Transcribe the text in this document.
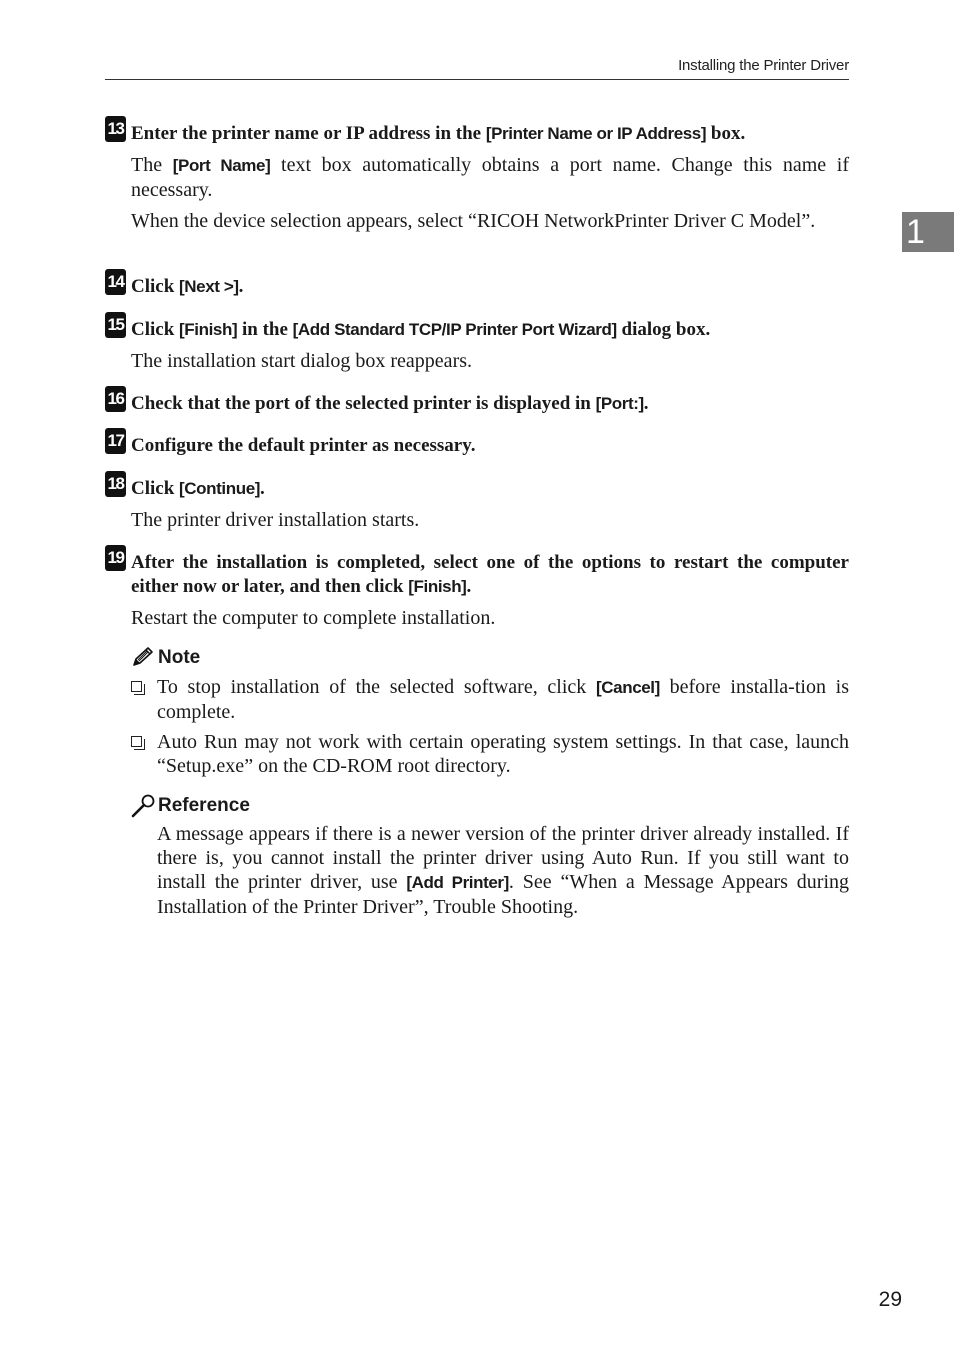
Installing the Printer Driver
1
13 Enter the printer name or IP address in the [Printer Name or IP Address] box.

The [Port Name] text box automatically obtains a port name. Change this name if necessary.

When the device selection appears, select “RICOH NetworkPrinter Driver C Model”.

14 Click [Next >].

15 Click [Finish] in the [Add Standard TCP/IP Printer Port Wizard] dialog box.

The installation start dialog box reappears.

16 Check that the port of the selected printer is displayed in [Port:].

17 Configure the default printer as necessary.

18 Click [Continue].

The printer driver installation starts.

19 After the installation is completed, select one of the options to restart the computer either now or later, and then click [Finish].

Restart the computer to complete installation.

Note
To stop installation of the selected software, click [Cancel] before installa-tion is complete.
Auto Run may not work with certain operating system settings. In that case, launch “Setup.exe” on the CD-ROM root directory.
Reference

A message appears if there is a newer version of the printer driver already installed. If there is, you cannot install the printer driver using Auto Run. If you still want to install the printer driver, use [Add Printer]. See “When a Message Appears during Installation of the Printer Driver”, Trouble Shooting.

29
